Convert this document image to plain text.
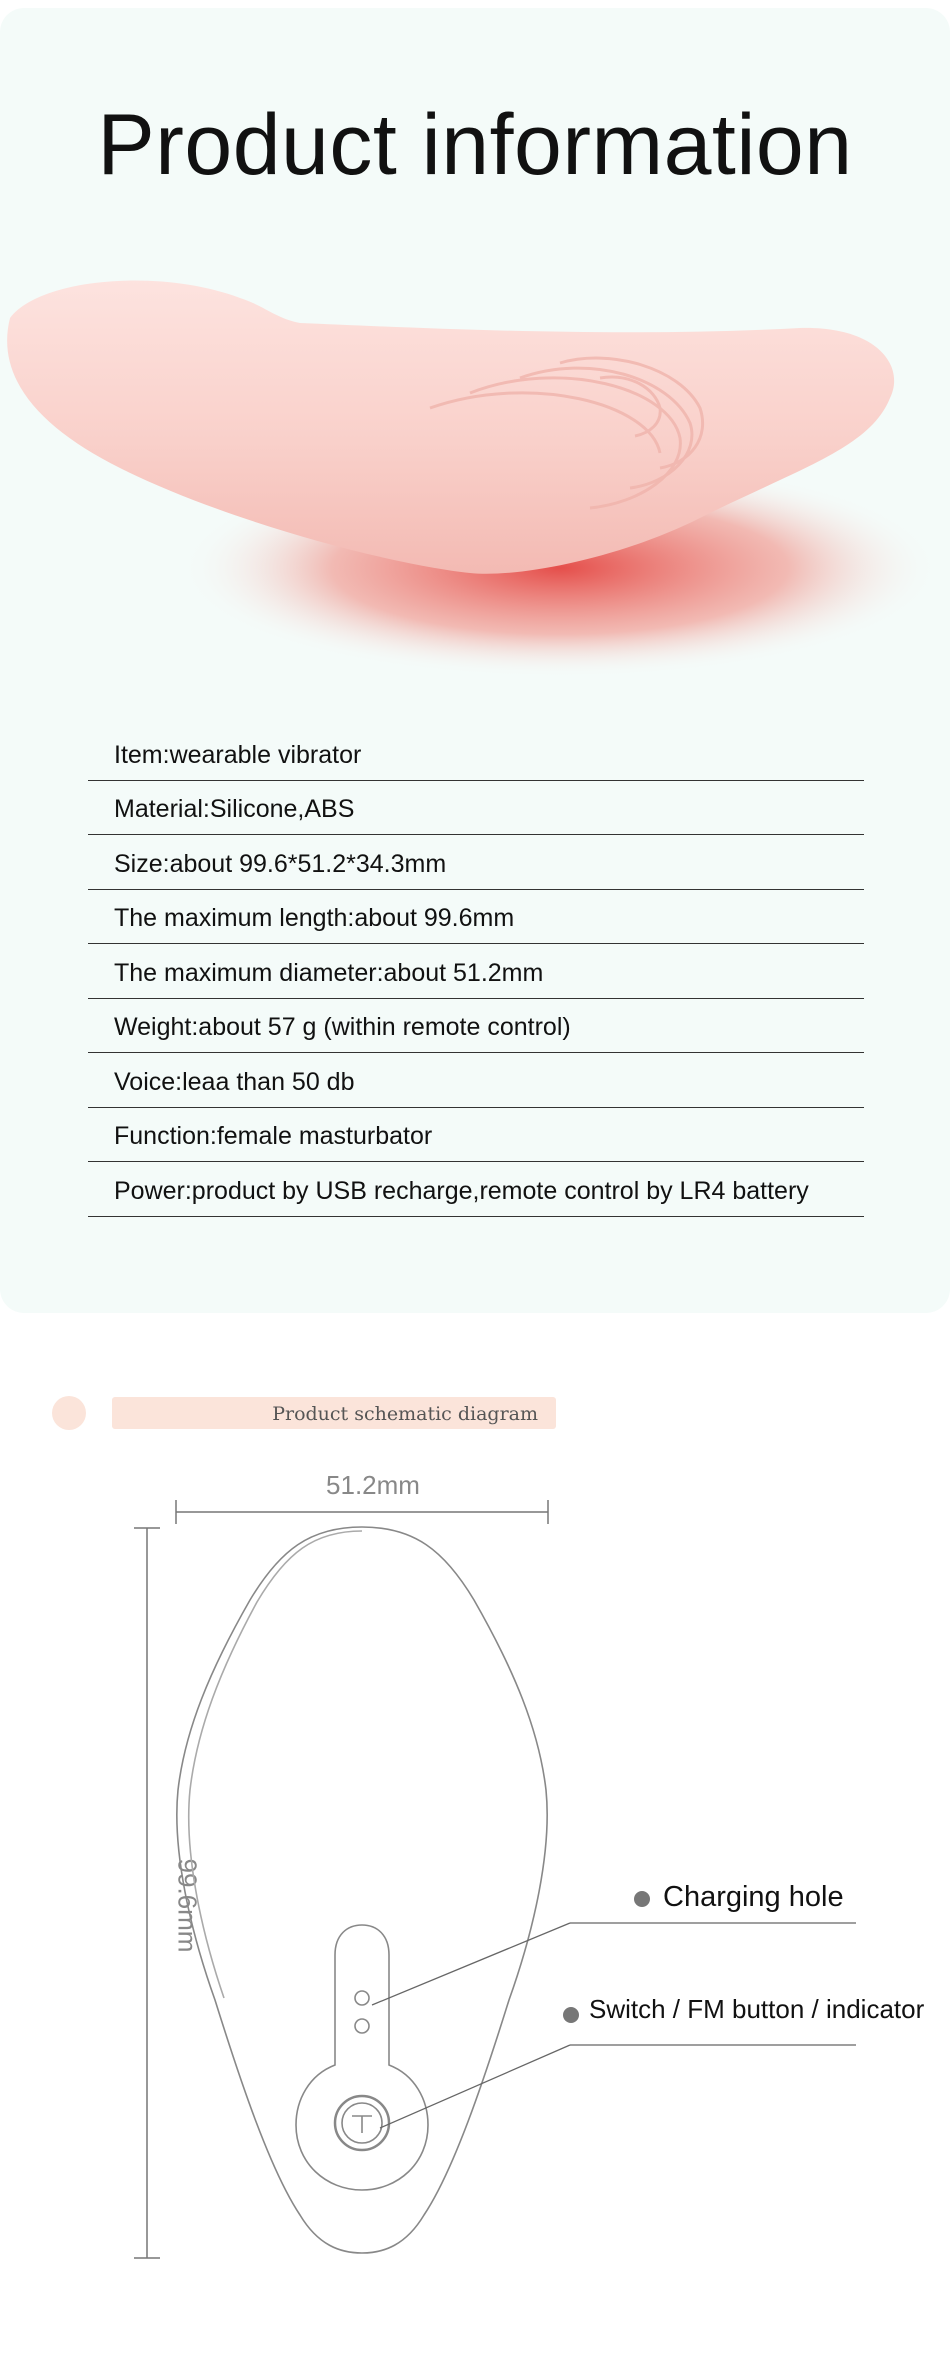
Product information
Item:wearable vibrator
Material:Silicone,ABS
Size:about 99.6*51.2*34.3mm
The maximum length:about 99.6mm
The maximum diameter:about 51.2mm
Weight:about 57 g (within remote control)
Voice:leaa than 50 db
Function:female masturbator
Power:product by USB recharge,remote control by LR4 battery
Product schematic diagram
51.2mm
99.6mm	Charging hole
Switch / FM button / indicator
